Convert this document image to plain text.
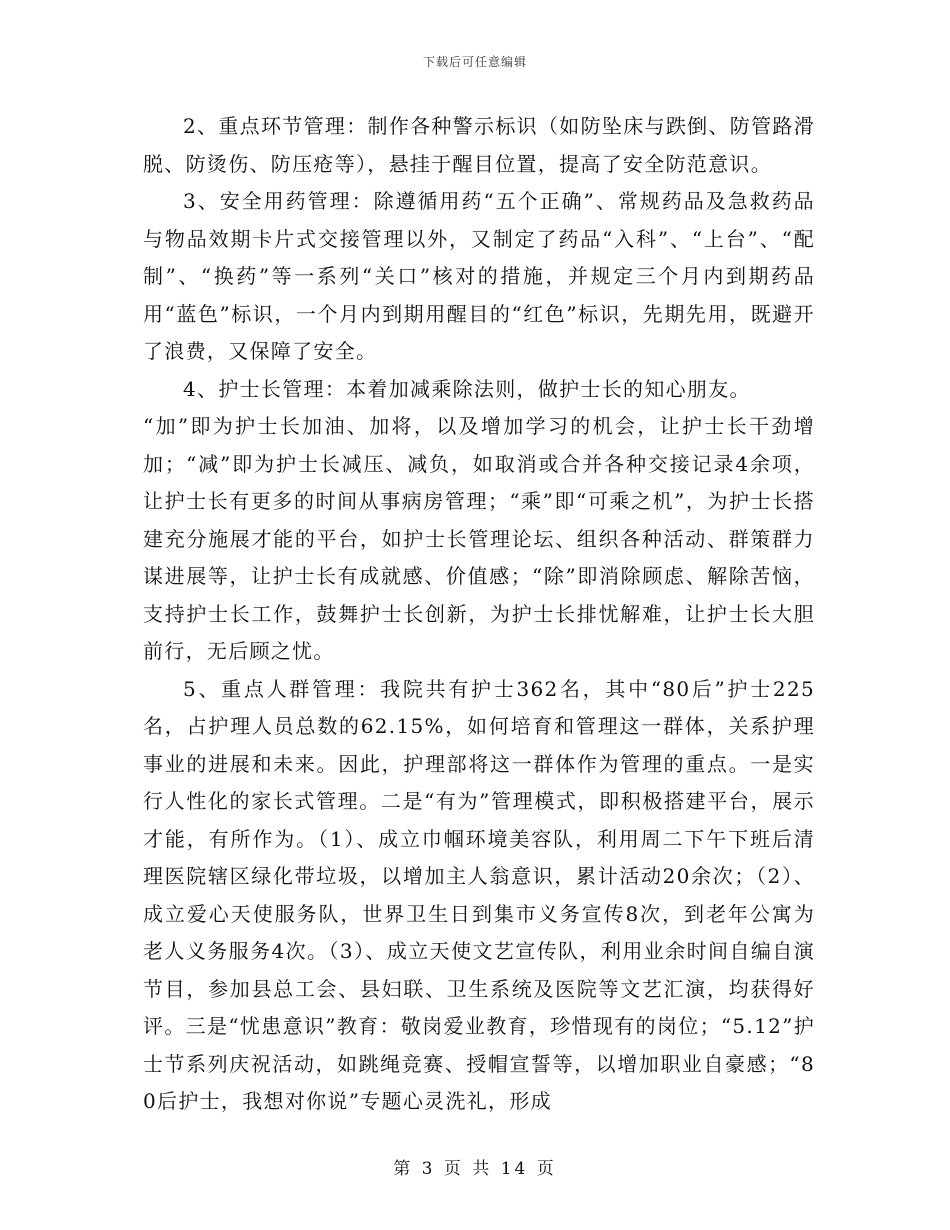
下载后可任意编辑

2、重点环节管理：制作各种警示标识（如防坠床与跌倒、防管路滑脱、防烫伤、防压疮等），悬挂于醒目位置，提高了安全防范意识。

3、安全用药管理：除遵循用药“五个正确”、常规药品及急救药品与物品效期卡片式交接管理以外，又制定了药品“入科”、“上台”、“配制”、“换药”等一系列“关口”核对的措施，并规定三个月内到期药品用“蓝色”标识，一个月内到期用醒目的“红色”标识，先期先用，既避开了浪费，又保障了安全。

4、护士长管理：本着加减乘除法则，做护士长的知心朋友。

“加”即为护士长加油、加将，以及增加学习的机会，让护士长干劲增加；“减”即为护士长减压、减负，如取消或合并各种交接记录4余项，让护士长有更多的时间从事病房管理；“乘”即“可乘之机”，为护士长搭建充分施展才能的平台，如护士长管理论坛、组织各种活动、群策群力谋进展等，让护士长有成就感、价值感；“除”即消除顾虑、解除苦恼，支持护士长工作，鼓舞护士长创新，为护士长排忧解难，让护士长大胆前行，无后顾之忧。

5、重点人群管理：我院共有护士362名，其中“80后”护士225名，占护理人员总数的62.15%，如何培育和管理这一群体，关系护理事业的进展和未来。因此，护理部将这一群体作为管理的重点。一是实行人性化的家长式管理。二是“有为”管理模式，即积极搭建平台，展示才能，有所作为。（1）、成立巾帼环境美容队，利用周二下午下班后清理医院辖区绿化带垃圾，以增加主人翁意识，累计活动20余次；（2）、成立爱心天使服务队，世界卫生日到集市义务宣传8次，到老年公寓为老人义务服务4次。（3）、成立天使文艺宣传队，利用业余时间自编自演节目，参加县总工会、县妇联、卫生系统及医院等文艺汇演，均获得好评。三是“忧患意识”教育：敬岗爱业教育，珍惜现有的岗位；“5.12”护士节系列庆祝活动，如跳绳竞赛、授帽宣誓等，以增加职业自豪感；“80后护士，我想对你说”专题心灵洗礼，形成

第 3 页 共 14 页
